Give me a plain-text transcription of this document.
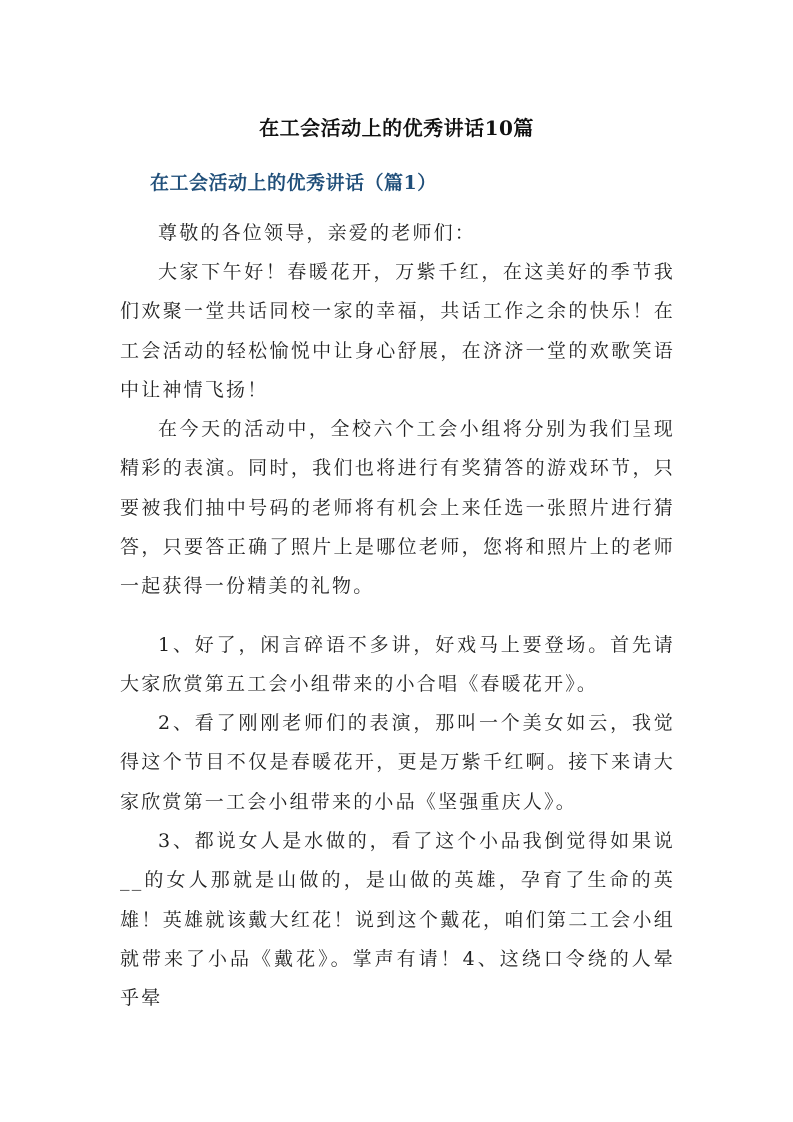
在工会活动上的优秀讲话10篇
在工会活动上的优秀讲话（篇1）

尊敬的各位领导，亲爱的老师们：

大家下午好！春暖花开，万紫千红，在这美好的季节我们欢聚一堂共话同校一家的幸福，共话工作之余的快乐！在工会活动的轻松愉悦中让身心舒展，在济济一堂的欢歌笑语中让神情飞扬！

在今天的活动中，全校六个工会小组将分别为我们呈现精彩的表演。同时，我们也将进行有奖猜答的游戏环节，只要被我们抽中号码的老师将有机会上来任选一张照片进行猜答，只要答正确了照片上是哪位老师，您将和照片上的老师一起获得一份精美的礼物。

1、好了，闲言碎语不多讲，好戏马上要登场。首先请大家欣赏第五工会小组带来的小合唱《春暖花开》。

2、看了刚刚老师们的表演，那叫一个美女如云，我觉得这个节目不仅是春暖花开，更是万紫千红啊。接下来请大家欣赏第一工会小组带来的小品《坚强重庆人》。

3、都说女人是水做的，看了这个小品我倒觉得如果说__的女人那就是山做的，是山做的英雄，孕育了生命的英雄！英雄就该戴大红花！说到这个戴花，咱们第二工会小组就带来了小品《戴花》。掌声有请！4、这绕口令绕的人晕乎晕
